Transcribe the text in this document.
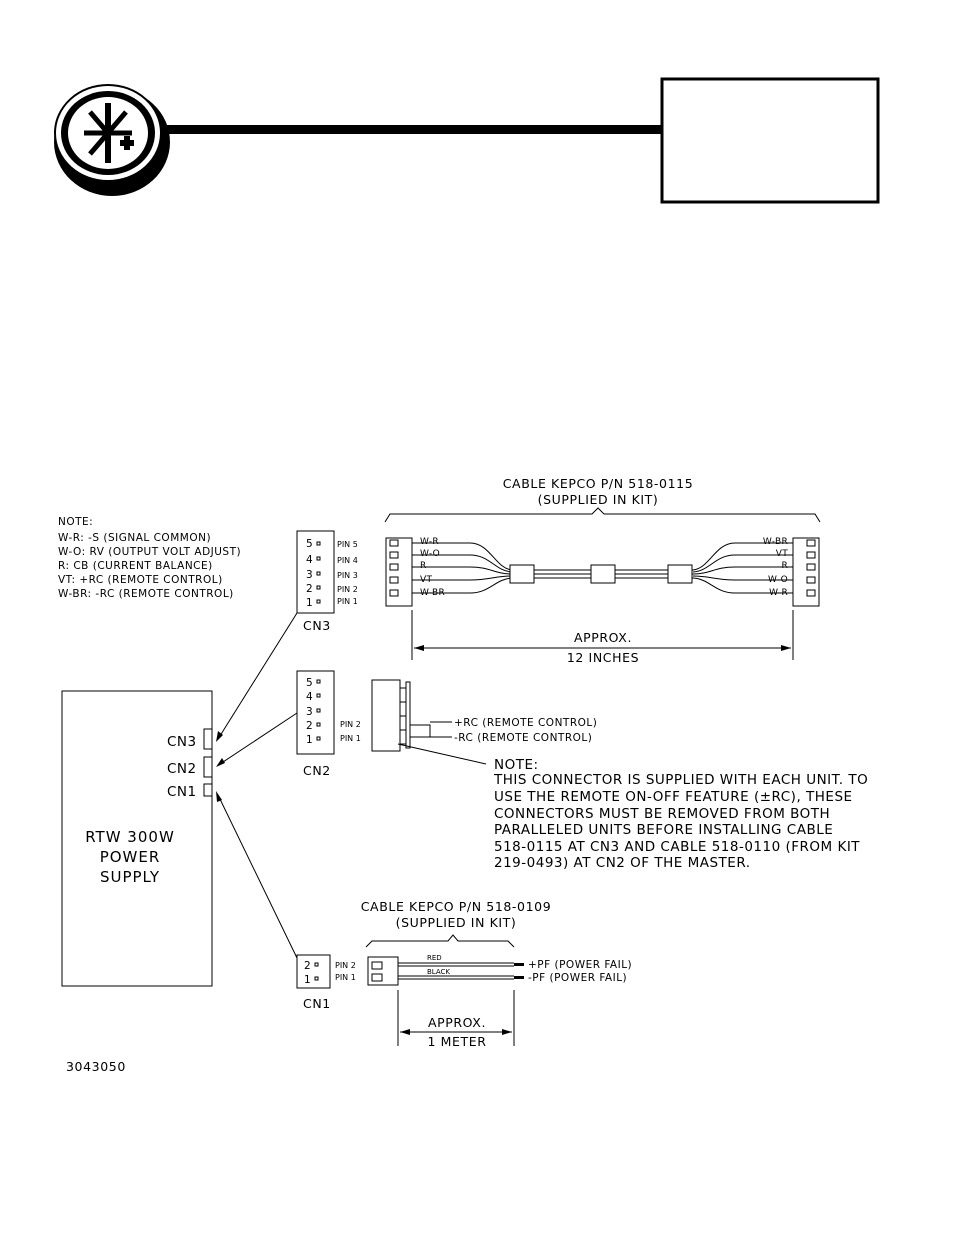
NOTE:
W-R: -S (SIGNAL COMMON)
W-O: RV (OUTPUT VOLT ADJUST)
R: CB (CURRENT BALANCE)
VT: +RC (REMOTE CONTROL)
W-BR: -RC (REMOTE CONTROL)
CABLE KEPCO P/N 518-0115
(SUPPLIED IN KIT)
W-R
W-O
R
VT
W-BR
W-BR
VT
R
W-O
W-R
APPROX.
12 INCHES
5
4
3
2
1
PIN 5
PIN 4
PIN 3
PIN 2
PIN 1
CN3
5
4
3
2
1
PIN 2
PIN 1
+RC (REMOTE CONTROL)
-RC (REMOTE CONTROL)
CN2	NOTE:
THIS CONNECTOR IS SUPPLIED WITH EACH UNIT. TO
USE THE REMOTE ON-OFF FEATURE (±RC), THESE
CONNECTORS MUST BE REMOVED FROM BOTH
PARALLELED UNITS BEFORE INSTALLING CABLE
518-0115 AT CN3 AND CABLE 518-0110 (FROM KIT
219-0493) AT CN2 OF THE MASTER.
CN3
CN2
CN1
RTW 300W
POWER
SUPPLY
CABLE KEPCO P/N 518-0109
(SUPPLIED IN KIT)
RED
BLACK
+PF (POWER FAIL)
-PF (POWER FAIL)
APPROX.
1 METER
2
1
PIN 2
PIN 1
CN1
3043050
